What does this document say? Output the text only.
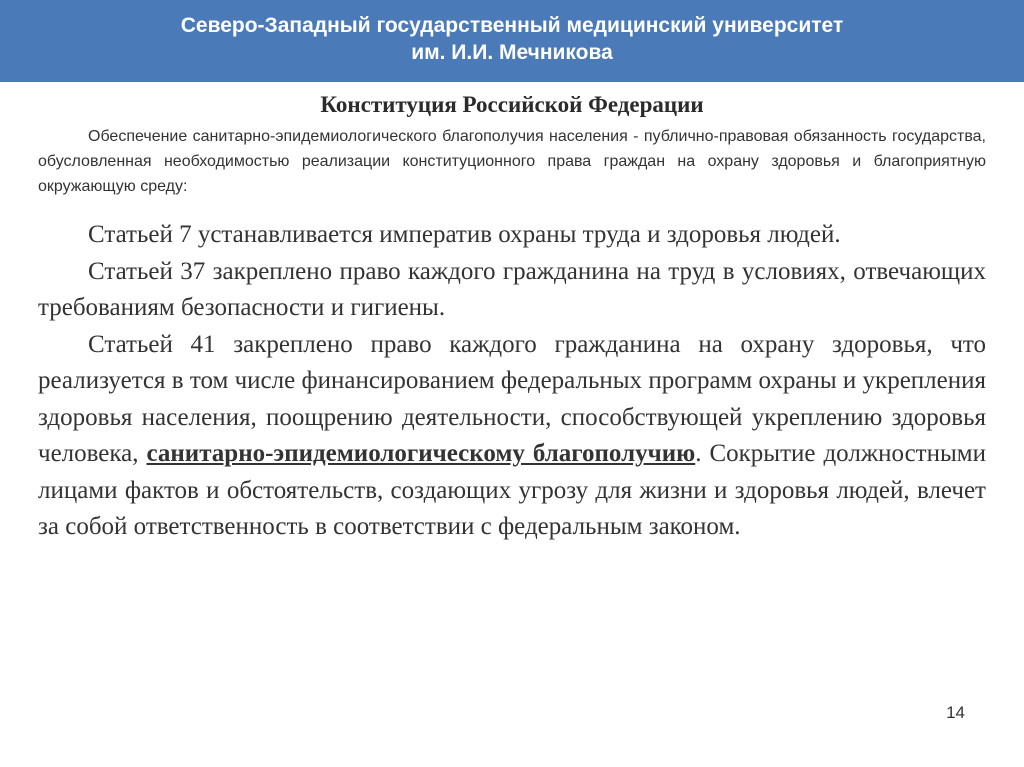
Северо-Западный государственный медицинский университет
им. И.И. Мечникова

Конституция Российской Федерации

Обеспечение санитарно-эпидемиологического благополучия населения - публично-правовая обязанность государства, обусловленная необходимостью реализации конституционного права граждан на охрану здоровья и благоприятную окружающую среду:

Статьей 7 устанавливается императив охраны труда и здоровья людей.

Статьей 37 закреплено право каждого гражданина на труд в условиях, отвечающих требованиям безопасности и гигиены.

Статьей 41 закреплено право каждого гражданина на охрану здоровья, что реализуется в том числе финансированием федеральных программ охраны и укрепления здоровья населения, поощрению деятельности, способствующей укреплению здоровья человека, санитарно-эпидемиологическому благополучию. Сокрытие должностными лицами фактов и обстоятельств, создающих угрозу для жизни и здоровья людей, влечет за собой ответственность в соответствии с федеральным законом.

14
